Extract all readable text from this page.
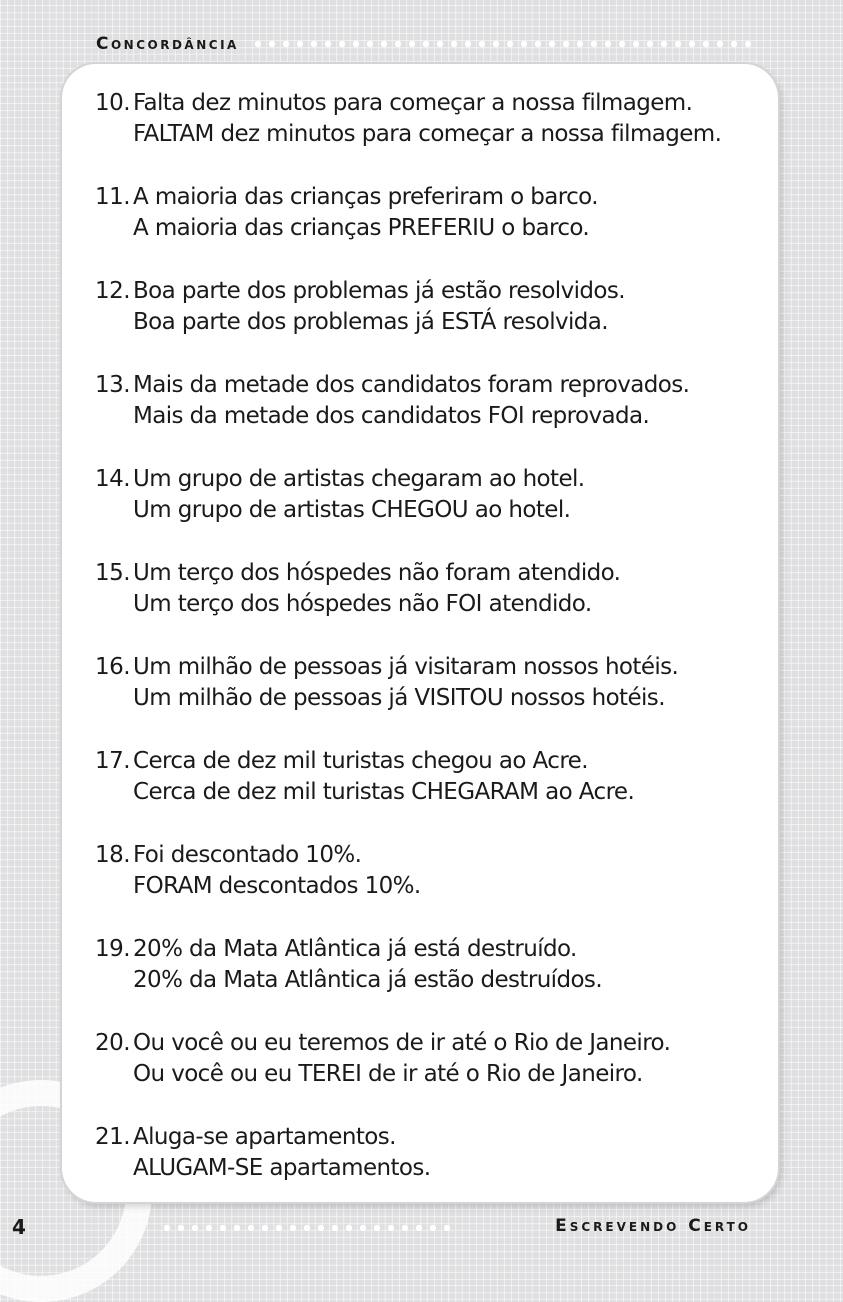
Concordância
10. Falta dez minutos para começar a nossa filmagem.
FALTAM dez minutos para começar a nossa filmagem.
11. A maioria das crianças preferiram o barco.
A maioria das crianças PREFERIU o barco.
12. Boa parte dos problemas já estão resolvidos.
Boa parte dos problemas já ESTÁ resolvida.
13. Mais da metade dos candidatos foram reprovados.
Mais da metade dos candidatos FOI reprovada.
14. Um grupo de artistas chegaram ao hotel.
Um grupo de artistas CHEGOU ao hotel.
15. Um terço dos hóspedes não foram atendido.
Um terço dos hóspedes não FOI atendido.
16. Um milhão de pessoas já visitaram nossos hotéis.
Um milhão de pessoas já VISITOU nossos hotéis.
17. Cerca de dez mil turistas chegou ao Acre.
Cerca de dez mil turistas CHEGARAM ao Acre.
18. Foi descontado 10%.
FORAM descontados 10%.
19. 20% da Mata Atlântica já está destruído.
20% da Mata Atlântica já estão destruídos.
20. Ou você ou eu teremos de ir até o Rio de Janeiro.
Ou você ou eu TEREI de ir até o Rio de Janeiro.
21. Aluga-se apartamentos.
ALUGAM-SE apartamentos.
4	Escrevendo Certo
